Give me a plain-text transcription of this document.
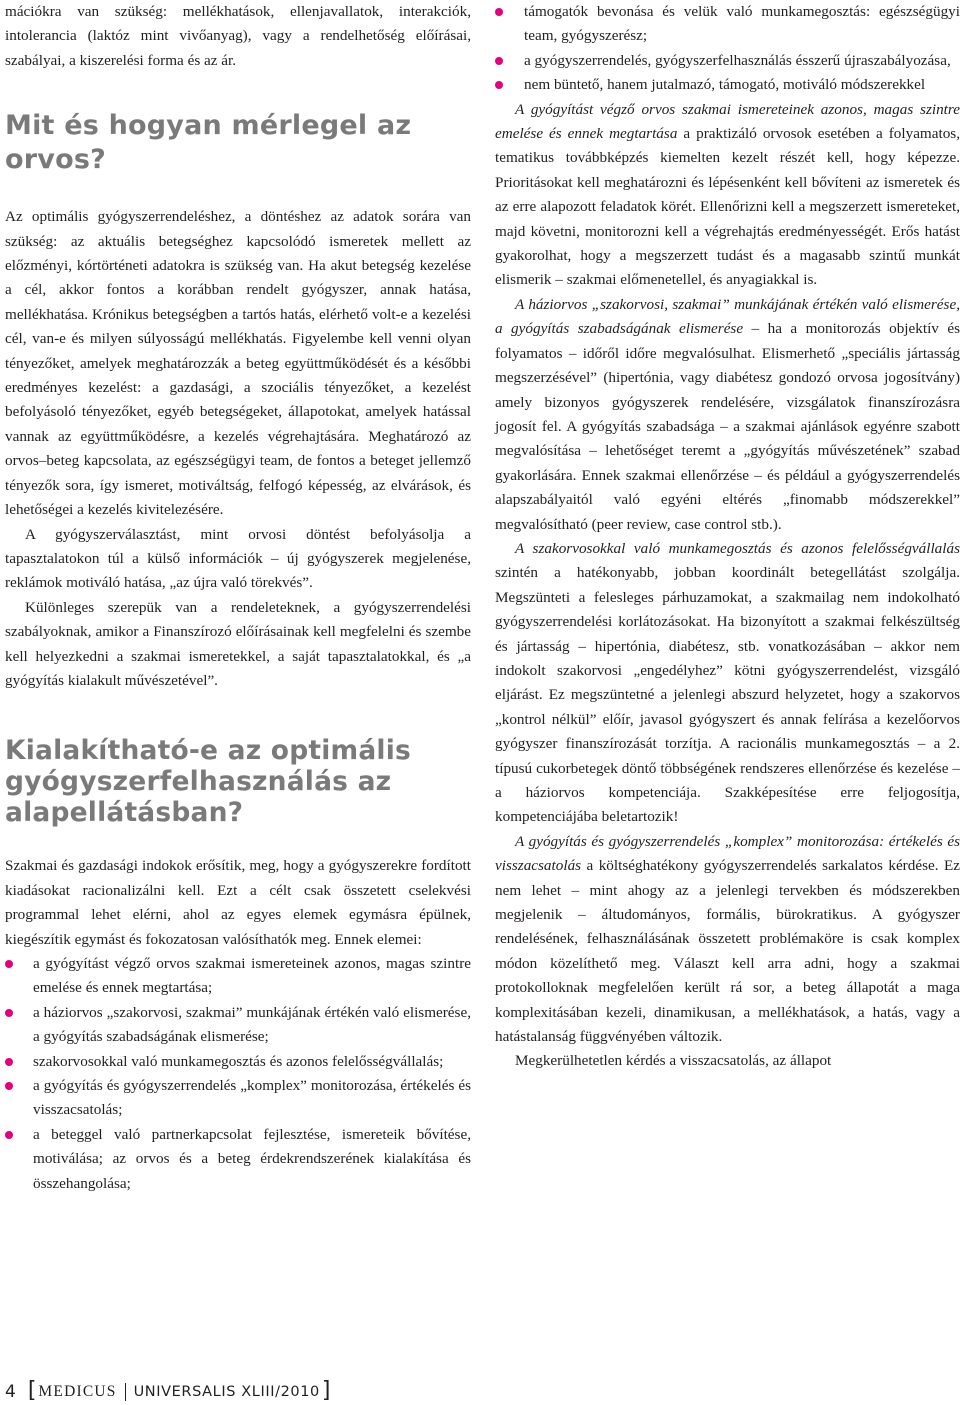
mációkra van szükség: mellékhatások, ellenjavallatok, interakciók, intolerancia (laktóz mint vivőanyag), vagy a rendelhetőség előírásai, szabályai, a kiszerelési forma és az ár.

Mit és hogyan mérlegel az orvos?

Az optimális gyógyszerrendeléshez, a döntéshez az adatok sorára van szükség: az aktuális betegséghez kapcsolódó ismeretek mellett az előzményi, kórtörténeti adatokra is szükség van. Ha akut betegség kezelése a cél, akkor fontos a korábban rendelt gyógyszer, annak hatása, mellékhatása. Krónikus betegségben a tartós hatás, elérhető volt-e a kezelési cél, van-e és milyen súlyosságú mellékhatás. Figyelembe kell venni olyan tényezőket, amelyek meghatározzák a beteg együttműködését és a későbbi eredményes kezelést: a gazdasági, a szociális tényezőket, a kezelést befolyásoló tényezőket, egyéb betegségeket, állapotokat, amelyek hatással vannak az együttműködésre, a kezelés végrehajtására. Meghatározó az orvos–beteg kapcsolata, az egészségügyi team, de fontos a beteget jellemző tényezők sora, így ismeret, motiváltság, felfogó képesség, az elvárások, és lehetőségei a kezelés kivitelezésére.

A gyógyszerválasztást, mint orvosi döntést befolyásolja a tapasztalatokon túl a külső információk – új gyógyszerek megjelenése, reklámok motiváló hatása, „az újra való törekvés”.

Különleges szerepük van a rendeleteknek, a gyógyszerrendelési szabályoknak, amikor a Finanszírozó előírásainak kell megfelelni és szembe kell helyezkedni a szakmai ismeretekkel, a saját tapasztalatokkal, és „a gyógyítás kialakult művészetével”.

Kialakítható-e az optimális gyógyszerfelhasználás az alapellátásban?

Szakmai és gazdasági indokok erősítik, meg, hogy a gyógyszerekre fordított kiadásokat racionalizálni kell. Ezt a célt csak összetett cselekvési programmal lehet elérni, ahol az egyes elemek egymásra épülnek, kiegészítik egymást és fokozatosan valósíthatók meg. Ennek elemei:

a gyógyítást végző orvos szakmai ismereteinek azonos, magas szintre emelése és ennek megtartása;
a háziorvos „szakorvosi, szakmai” munkájának értékén való elismerése, a gyógyítás szabadságának elismerése;
szakorvosokkal való munkamegosztás és azonos felelősségvállalás;
a gyógyítás és gyógyszerrendelés „komplex” monitorozása, értékelés és visszacsatolás;
a beteggel való partnerkapcsolat fejlesztése, ismereteik bővítése, motiválása; az orvos és a beteg érdekrendszerének kialakítása és összehangolása;
támogatók bevonása és velük való munkamegosztás: egészségügyi team, gyógyszerész;
a gyógyszerrendelés, gyógyszerfelhasználás ésszerű újraszabályozása,
nem büntető, hanem jutalmazó, támogató, motiváló módszerekkel

A gyógyítást végző orvos szakmai ismereteinek azonos, magas szintre emelése és ennek megtartása a praktizáló orvosok esetében a folyamatos, tematikus továbbképzés kiemelten kezelt részét kell, hogy képezze. Prioritásokat kell meghatározni és lépésenként kell bővíteni az ismeretek és az erre alapozott feladatok körét. Ellenőrizni kell a megszerzett ismereteket, majd követni, monitorozni kell a végrehajtás eredményességét. Erős hatást gyakorolhat, hogy a megszerzett tudást és a magasabb szintű munkát elismerik – szakmai előmenetellel, és anyagiakkal is.

A háziorvos „szakorvosi, szakmai” munkájának értékén való elismerése, a gyógyítás szabadságának elismerése – ha a monitorozás objektív és folyamatos – időről időre megvalósulhat. Elismerhető „speciális jártasság megszerzésével” (hipertónia, vagy diabétesz gondozó orvosa jogosítvány) amely bizonyos gyógyszerek rendelésére, vizsgálatok finanszírozásra jogosít fel. A gyógyítás szabadsága – a szakmai ajánlások egyénre szabott megvalósítása – lehetőséget teremt a „gyógyítás művészetének” szabad gyakorlására. Ennek szakmai ellenőrzése – és például a gyógyszerrendelés alapszabályaitól való egyéni eltérés „finomabb módszerekkel” megvalósítható (peer review, case control stb.).

A szakorvosokkal való munkamegosztás és azonos felelősségvállalás szintén a hatékonyabb, jobban koordinált betegellátást szolgálja. Megszünteti a felesleges párhuzamokat, a szakmailag nem indokolható gyógyszerrendelési korlátozásokat. Ha bizonyított a szakmai felkészültség és jártasság – hipertónia, diabétesz, stb. vonatkozásában – akkor nem indokolt szakorvosi „engedélyhez” kötni gyógyszerrendelést, vizsgáló eljárást. Ez megszüntetné a jelenlegi abszurd helyzetet, hogy a szakorvos „kontrol nélkül” előír, javasol gyógyszert és annak felírása a kezelőorvos gyógyszer finanszírozását torzítja. A racionális munkamegosztás – a 2. típusú cukorbetegek döntő többségének rendszeres ellenőrzése és kezelése – a háziorvos kompetenciája. Szakképesítése erre feljogosítja, kompetenciájába beletartozik!

A gyógyítás és gyógyszerrendelés „komplex” monitorozása: értékelés és visszacsatolás a költséghatékony gyógyszerrendelés sarkalatos kérdése. Ez nem lehet – mint ahogy az a jelenlegi tervekben és módszerekben megjelenik – áltudományos, formális, bürokratikus. A gyógyszer rendelésének, felhasználásának összetett problémaköre is csak komplex módon közelíthető meg. Választ kell arra adni, hogy a szakmai protokolloknak megfelelően került rá sor, a beteg állapotát a maga komplexitásában kezeli, dinamikusan, a mellékhatások, a hatás, vagy a hatástalanság függvényében változik.

Megkerülhetetlen kérdés a visszacsatolás, az állapot

4 [ MEDICUS UNIVERSALIS XLIII/2010 ]
